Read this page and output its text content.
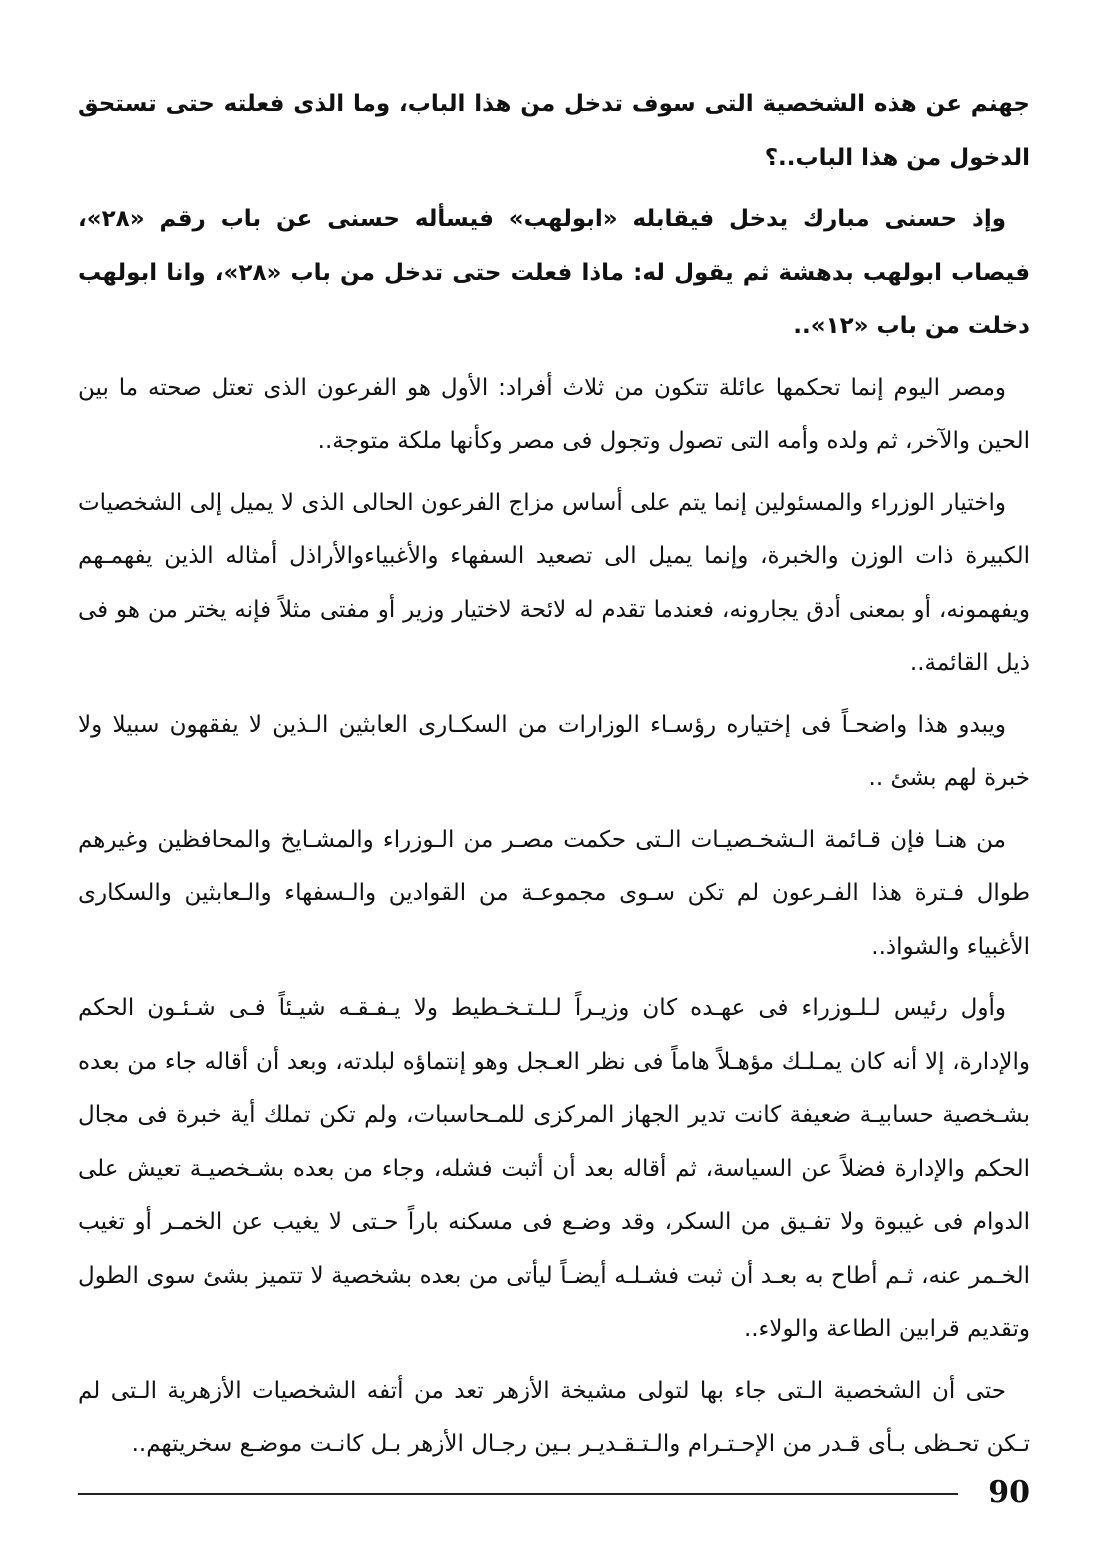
جهنم عن هذه الشخصية التى سوف تدخل من هذا الباب، وما الذى فعلته حتى تستحق الدخول من هذا الباب..؟

وإذ حسنى مبارك يدخل فيقابله «ابولهب» فيسأله حسنى عن باب رقم «٢٨»، فيصاب ابولهب بدهشة ثم يقول له: ماذا فعلت حتى تدخل من باب «٢٨»، وانا ابولهب دخلت من باب «١٢»..

ومصر اليوم إنما تحكمها عائلة تتكون من ثلاث أفراد: الأول هو الفرعون الذى تعتل صحته ما بين الحين والآخر، ثم ولده وأمه التى تصول وتجول فى مصر وكأنها ملكة متوجة..

واختيار الوزراء والمسئولين إنما يتم على أساس مزاج الفرعون الحالى الذى لا يميل إلى الشخصيات الكبيرة ذات الوزن والخبرة، وإنما يميل الى تصعيد السفهاء والأغبياءوالأراذل أمثاله الذين يفهمـهم ويفهمونه، أو بمعنى أدق يجارونه، فعندما تقدم له لائحة لاختيار وزير أو مفتى مثلاً فإنه يختر من هو فى ذيل القائمة..

ويبدو هذا واضحـاً فى إختياره رؤسـاء الوزارات من السكـارى العابثين الـذين لا يفقهون سبيلا ولا خبرة لهم بشئ ..

من هنـا فإن قـائمة الـشخـصيـات الـتى حكمت مصـر من الـوزراء والمشـايخ والمحافظين وغيرهم طوال فـترة هذا الفـرعون لم تكن سـوى مجموعـة من القوادين والـسفهاء والـعابثين والسكارى الأغبياء والشواذ..

وأول رئيس لـلـوزراء فى عهـده كان وزيـراً لـلـتـخـطيط ولا يـفـقـه شيـئاً فـى شـئـون الحكم والإدارة، إلا أنه كان يمـلـك مؤهـلاً هاماً فى نظر العـجل وهو إنتماؤه لبلدته، وبعد أن أقاله جاء من بعده بشـخصية حسابيـة ضعيفة كانت تدير الجهاز المركزى للمـحاسبات، ولم تكن تملك أية خبرة فى مجال الحكم والإدارة فضلاً عن السياسة، ثم أقاله بعد أن أثبت فشله، وجاء من بعده بشـخصيـة تعيش على الدوام فى غيبوة ولا تفـيق من السكر، وقد وضـع فى مسكنه باراً حـتى لا يغيب عن الخمـر أو تغيب الخـمر عنه، ثـم أطاح به بعـد أن ثبت فشـلـه أيضـاً ليأتى من بعده بشخصية لا تتميز بشئ سوى الطول وتقديم قرابين الطاعة والولاء..

حتى أن الشخصية الـتى جاء بها لتولى مشيخة الأزهر تعد من أتفه الشخصيات الأزهرية الـتى لم تـكن تحـظى بـأى قـدر من الإحـتـرام والـتـقـديـر بـين رجـال الأزهر بـل كانـت موضـع سخريتهم..

90
